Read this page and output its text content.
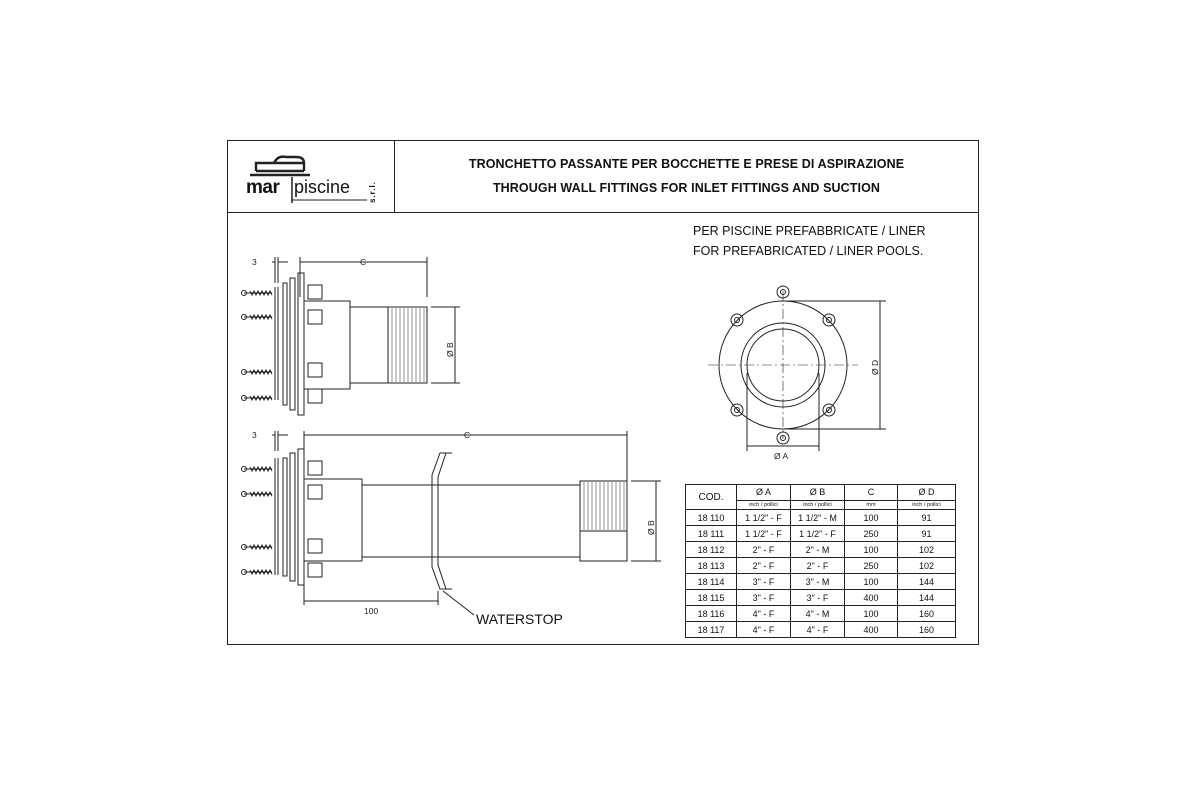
mar piscine s.r.l.
TRONCHETTO PASSANTE PER BOCCHETTE E PRESE DI ASPIRAZIONE
THROUGH WALL FITTINGS FOR INLET FITTINGS AND SUCTION
PER PISCINE PREFABBRICATE / LINER
FOR PREFABRICATED / LINER POOLS.
3	C
Ø B
3	C
Ø B
100
Ø A
Ø D
WATERSTOP
COD.	Ø A	Ø B	C	Ø D
	inch / pollici	inch / pollici	mm	inch / pollici
18 110	1 1/2" - F	1 1/2" - M	100	91
18 111	1 1/2" - F	1 1/2" - F	250	91
18 112	2" - F	2" - M	100	102
18 113	2" - F	2" - F	250	102
18 114	3" - F	3" - M	100	144
18 115	3" - F	3" - F	400	144
18 116	4" - F	4" - M	100	160
18 117	4" - F	4" - F	400	160
